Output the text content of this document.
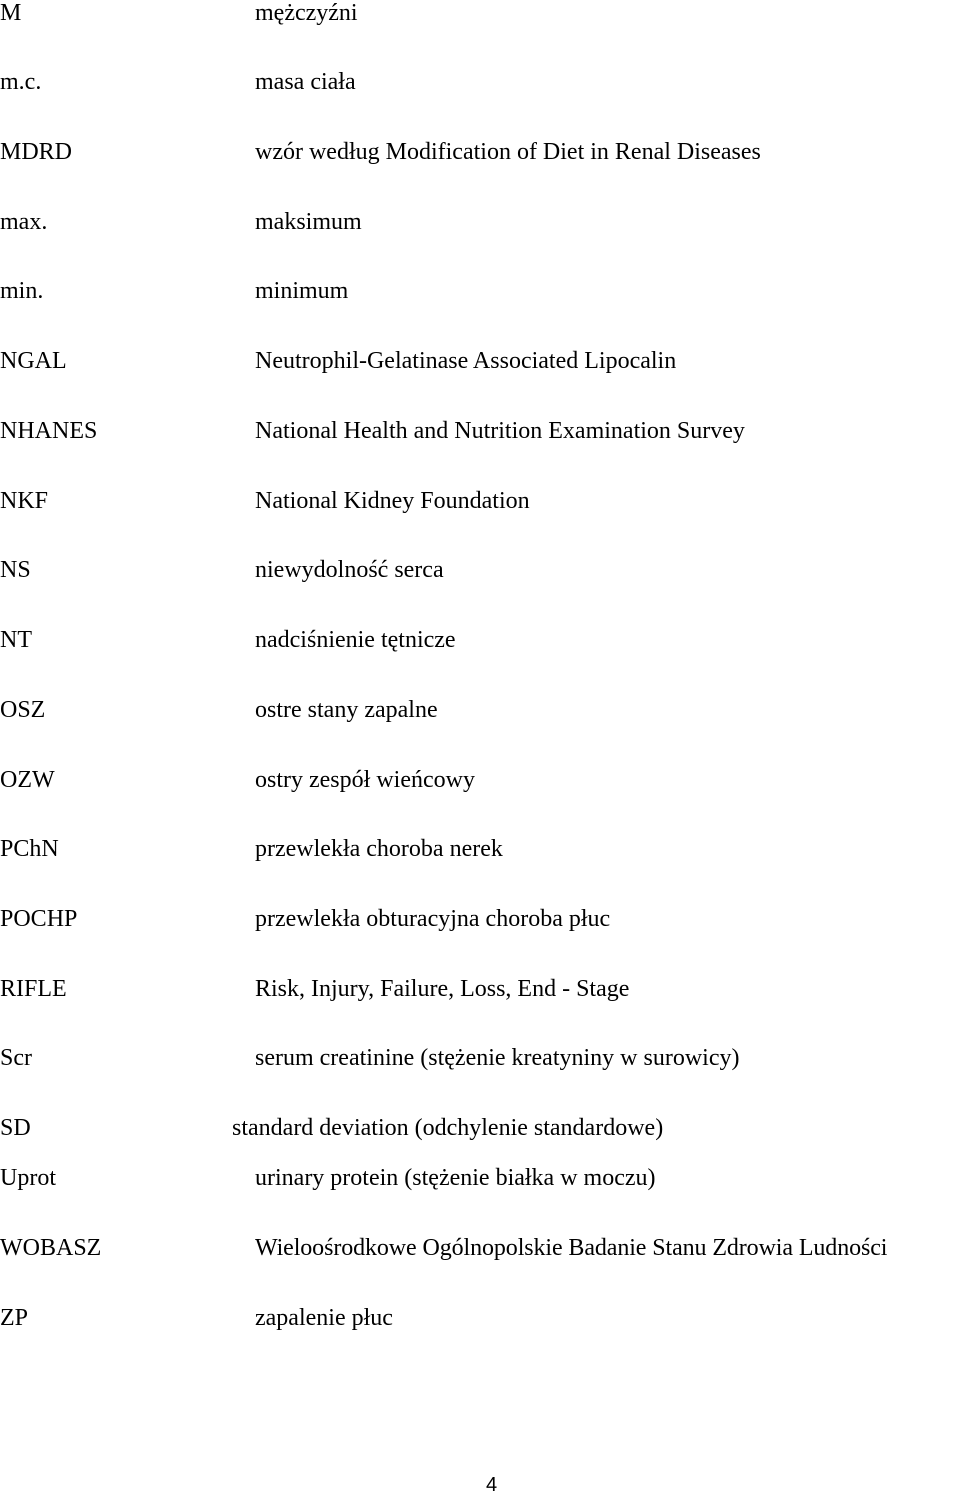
M	mężczyźni
m.c.	masa ciała
MDRD	wzór według Modification of Diet in Renal Diseases
max.	maksimum
min.	minimum
NGAL	Neutrophil-Gelatinase Associated Lipocalin
NHANES	National Health and Nutrition Examination Survey
NKF	National Kidney Foundation
NS	niewydolność serca
NT	nadciśnienie tętnicze
OSZ	ostre stany zapalne
OZW	ostry zespół wieńcowy
PChN	przewlekła choroba nerek
POCHP	przewlekła obturacyjna choroba płuc
RIFLE	Risk, Injury, Failure, Loss, End - Stage
Scr	serum creatinine (stężenie kreatyniny w surowicy)
SD	standard deviation (odchylenie standardowe)
Uprot	urinary protein (stężenie białka w moczu)
WOBASZ	Wieloośrodkowe Ogólnopolskie Badanie Stanu Zdrowia Ludności
ZP	zapalenie płuc
4
